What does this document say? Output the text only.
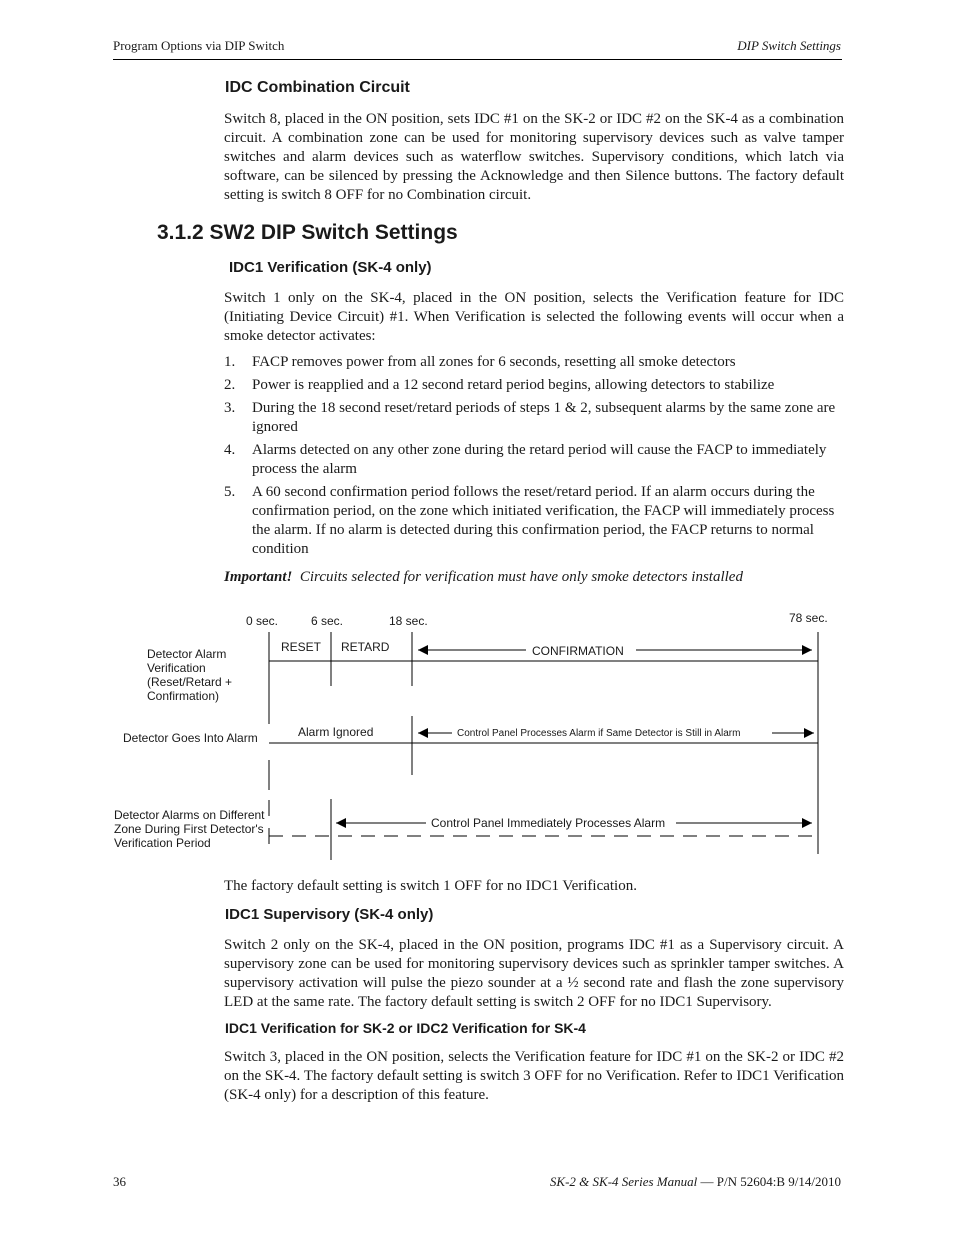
Program Options via DIP Switch	DIP Switch Settings
IDC Combination Circuit
Switch 8, placed in the ON position, sets IDC #1 on the SK-2 or IDC #2 on the SK-4 as a combination circuit. A combination zone can be used for monitoring supervisory devices such as valve tamper switches and alarm devices such as waterflow switches. Supervisory conditions, which latch via software, can be silenced by pressing the Acknowledge and then Silence buttons. The factory default setting is switch 8 OFF for no Combination circuit.
3.1.2 SW2 DIP Switch Settings
IDC1 Verification (SK-4 only)
Switch 1 only on the SK-4, placed in the ON position, selects the Verification feature for IDC (Initiating Device Circuit) #1. When Verification is selected the following events will occur when a smoke detector activates:
1. FACP removes power from all zones for 6 seconds, resetting all smoke detectors
2. Power is reapplied and a 12 second retard period begins, allowing detectors to stabilize
3. During the 18 second reset/retard periods of steps 1 & 2, subsequent alarms by the same zone are ignored
4. Alarms detected on any other zone during the retard period will cause the FACP to immediately process the alarm
5. A 60 second confirmation period follows the reset/retard period. If an alarm occurs during the confirmation period, on the zone which initiated verification, the FACP will immediately process the alarm. If no alarm is detected during this confirmation period, the FACP returns to normal condition
Important! Circuits selected for verification must have only smoke detectors installed
0 sec.	6 sec.	18 sec.	78 sec.
Detector Alarm Verification (Reset/Retard + Confirmation)
RESET RETARD	CONFIRMATION
Detector Goes Into Alarm	Alarm Ignored	Control Panel Processes Alarm if Same Detector is Still in Alarm
Detector Alarms on Different Zone During First Detector's Verification Period
Control Panel Immediately Processes Alarm
The factory default setting is switch 1 OFF for no IDC1 Verification.
IDC1 Supervisory (SK-4 only)
Switch 2 only on the SK-4, placed in the ON position, programs IDC #1 as a Supervisory circuit. A supervisory zone can be used for monitoring supervisory devices such as sprinkler tamper switches. A supervisory activation will pulse the piezo sounder at a ½ second rate and flash the zone supervisory LED at the same rate. The factory default setting is switch 2 OFF for no IDC1 Supervisory.
IDC1 Verification for SK-2 or IDC2 Verification for SK-4
Switch 3, placed in the ON position, selects the Verification feature for IDC #1 on the SK-2 or IDC #2 on the SK-4. The factory default setting is switch 3 OFF for no Verification. Refer to IDC1 Verification (SK-4 only) for a description of this feature.
36	SK-2 & SK-4 Series Manual — P/N 52604:B 9/14/2010
